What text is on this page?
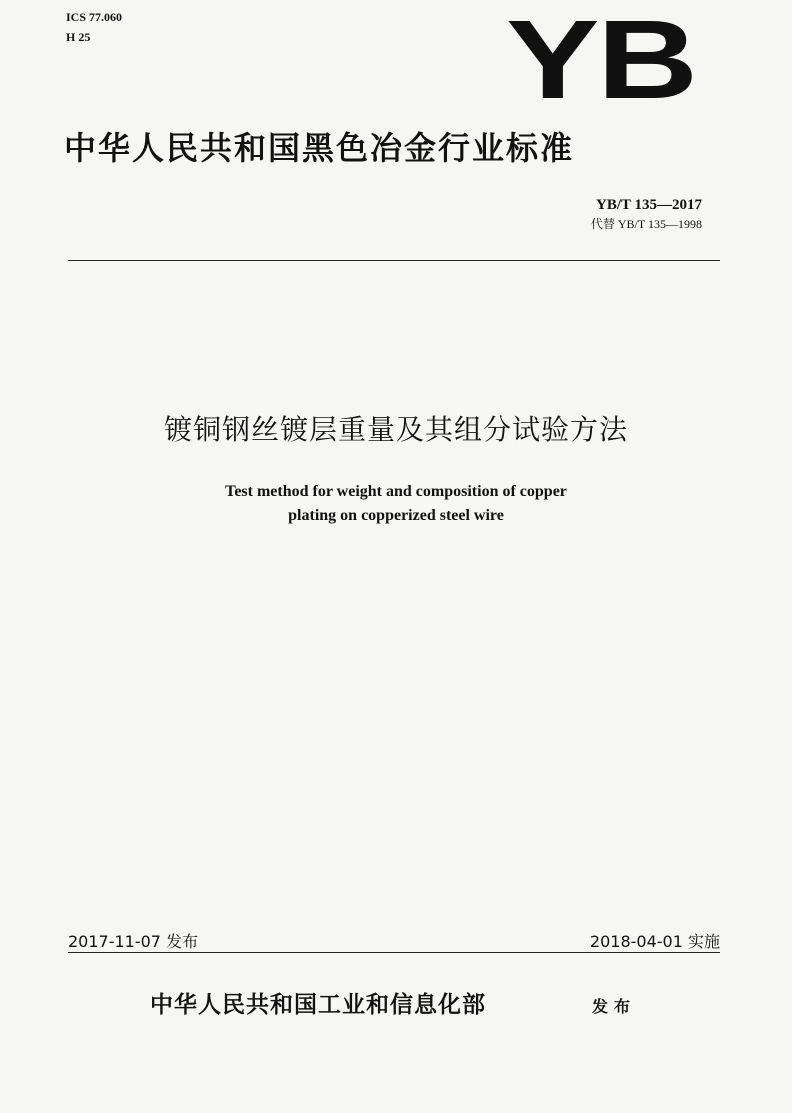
ICS 77.060
H 25	YB
中华人民共和国黑色冶金行业标准
YB/T 135—2017
代替 YB/T 135—1998
镀铜钢丝镀层重量及其组分试验方法
Test method for weight and composition of copper
plating on copperized steel wire
2017-11-07 发布	2018-04-01 实施
中华人民共和国工业和信息化部	发布
